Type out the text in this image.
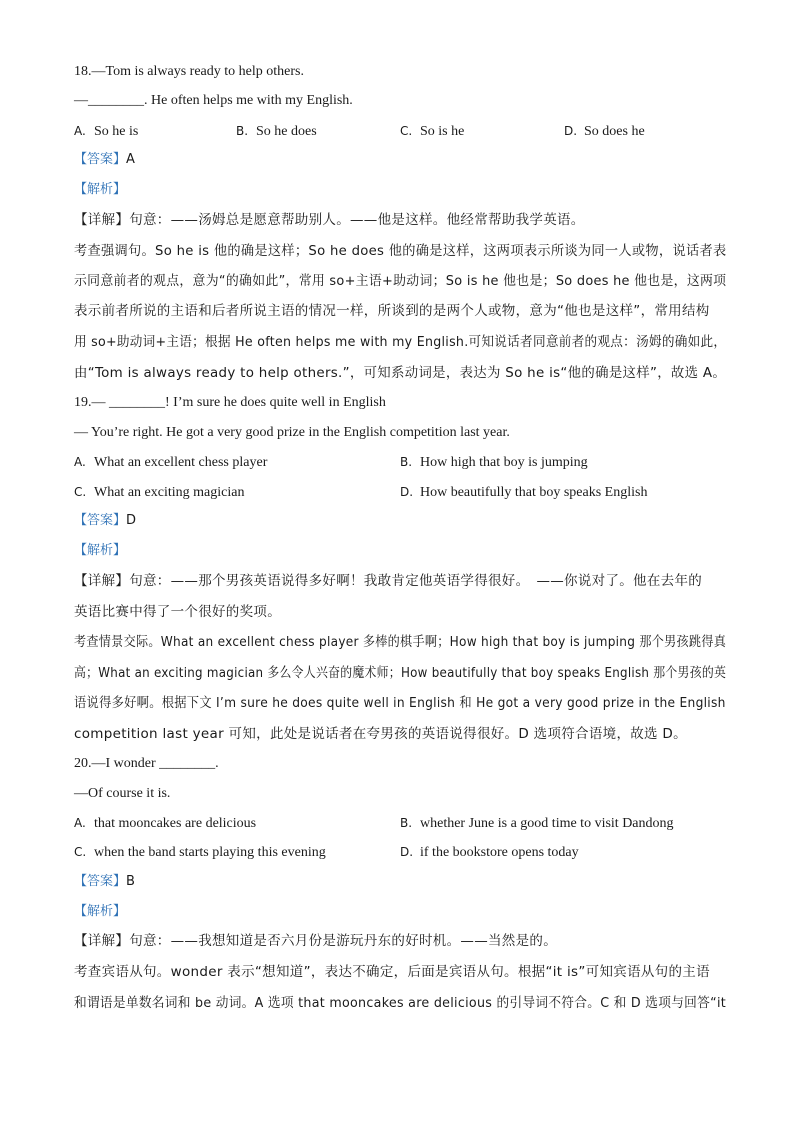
18.—Tom is always ready to help others.
—________. He often helps me with my English.
A. So he is	B. So he does	C. So is he	D. So does he
【答案】A
【解析】
【详解】句意：——汤姆总是愿意帮助别人。——他是这样。他经常帮助我学英语。
考查强调句。So he is 他的确是这样；So he does 他的确是这样，这两项表示所谈为同一人或物，说话者表
示同意前者的观点，意为“的确如此”，常用 so+主语+助动词；So is he 他也是；So does he 他也是，这两项
表示前者所说的主语和后者所说主语的情况一样，所谈到的是两个人或物，意为“他也是这样”，常用结构
用 so+助动词+主语；根据 He often helps me with my English.可知说话者同意前者的观点：汤姆的确如此，
由“Tom is always ready to help others.”，可知系动词是，表达为 So he is“他的确是这样”，故选 A。
19.— ________! I’m sure he does quite well in English
— You’re right. He got a very good prize in the English competition last year.
A. What an excellent chess player	B. How high that boy is jumping
C. What an exciting magician	D. How beautifully that boy speaks English
【答案】D
【解析】
【详解】句意：——那个男孩英语说得多好啊！我敢肯定他英语学得很好。　——你说对了。他在去年的
英语比赛中得了一个很好的奖项。
考查情景交际。What an excellent chess player 多棒的棋手啊；How high that boy is jumping 那个男孩跳得真
高；What an exciting magician 多么令人兴奋的魔术师；How beautifully that boy speaks English 那个男孩的英
语说得多好啊。根据下文 I’m sure he does quite well in English 和 He got a very good prize in the English
competition last year 可知，此处是说话者在夸男孩的英语说得很好。D 选项符合语境，故选 D。
20.—I wonder ________.
—Of course it is.
A. that mooncakes are delicious	B. whether June is a good time to visit Dandong
C. when the band starts playing this evening	D. if the bookstore opens today
【答案】B
【解析】
【详解】句意：——我想知道是否六月份是游玩丹东的好时机。——当然是的。
考查宾语从句。wonder 表示“想知道”，表达不确定，后面是宾语从句。根据“it is”可知宾语从句的主语
和谓语是单数名词和 be 动词。A 选项 that mooncakes are delicious 的引导词不符合。C 和 D 选项与回答“it
